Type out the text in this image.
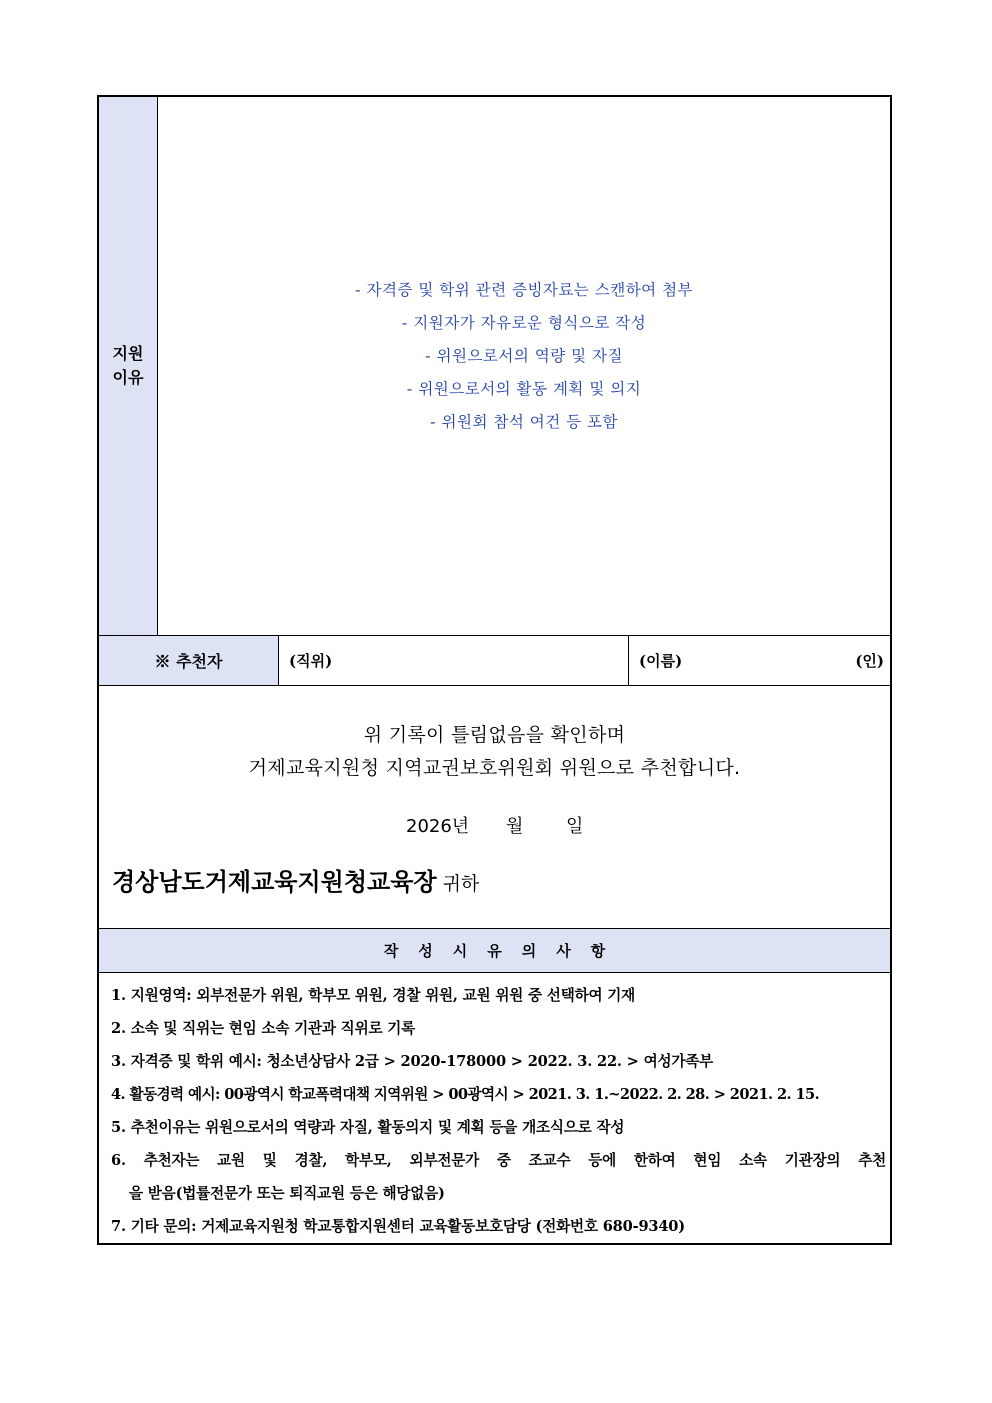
지원
이유
- 자격증 및 학위 관련 증빙자료는 스캔하여 첨부
- 지원자가 자유로운 형식으로 작성
- 위원으로서의 역량 및 자질
- 위원으로서의 활동 계획 및 의지
- 위원회 참석 여건 등 포함
※ 추천자	(직위)	(이름)	(인)
위 기록이 틀림없음을 확인하며
거제교육지원청 지역교권보호위원회 위원으로 추천합니다.
2026년 월 일
경상남도거제교육지원청교육장 귀하
작성시유의사항
1. 지원영역: 외부전문가 위원, 학부모 위원, 경찰 위원, 교원 위원 중 선택하여 기재
2. 소속 및 직위는 현임 소속 기관과 직위로 기록
3. 자격증 및 학위 예시: 청소년상담사 2급 > 2020-178000 > 2022. 3. 22. > 여성가족부
4. 활동경력 예시: 00광역시 학교폭력대책 지역위원 > 00광역시 > 2021. 3. 1.~2022. 2. 28. > 2021. 2. 15.
5. 추천이유는 위원으로서의 역량과 자질, 활동의지 및 계획 등을 개조식으로 작성
6. 추천자는 교원 및 경찰, 학부모, 외부전문가 중 조교수 등에 한하여 현임 소속 기관장의 추천
을 받음(법률전문가 또는 퇴직교원 등은 해당없음)
7. 기타 문의: 거제교육지원청 학교통합지원센터 교육활동보호담당 (전화번호 680-9340)
